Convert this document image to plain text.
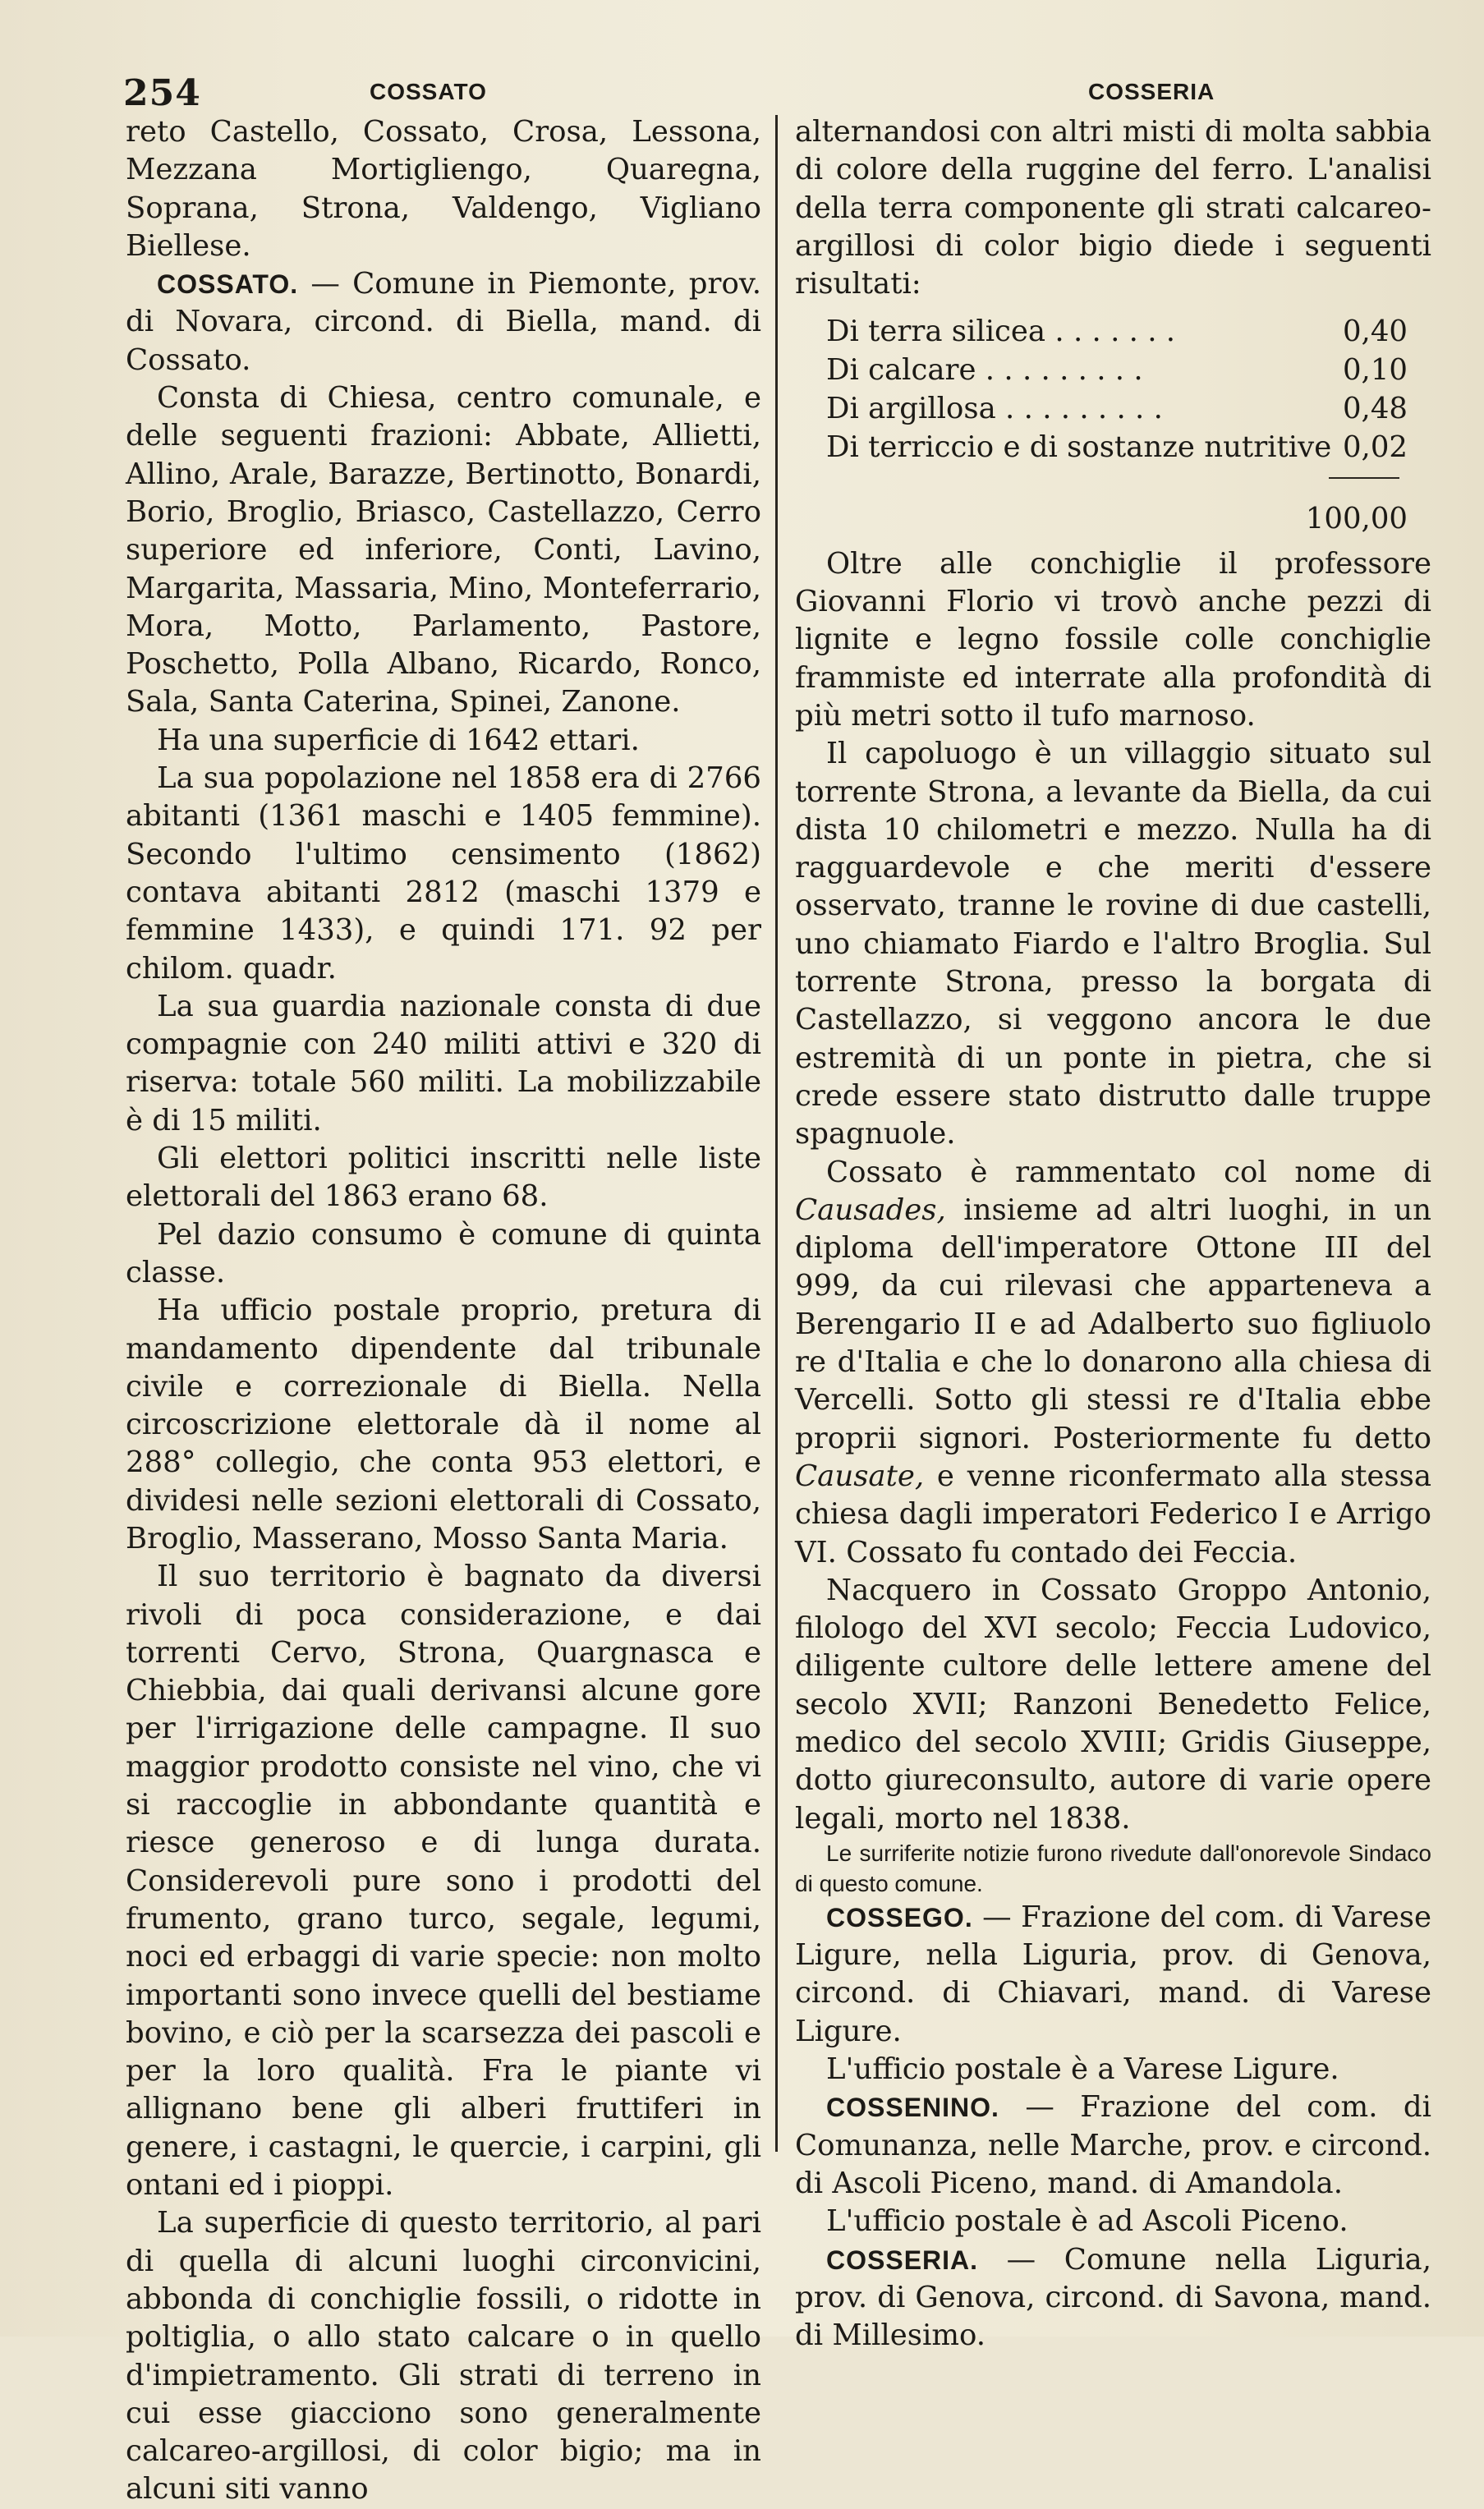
254	COSSATO	COSSERIA

reto Castello, Cossato, Crosa, Lessona, Mezzana Mortigliengo, Quaregna, Soprana, Strona, Valdengo, Vigliano Biellese.

COSSATO. — Comune in Piemonte, prov. di Novara, circond. di Biella, mand. di Cossato.

Consta di Chiesa, centro comunale, e delle seguenti frazioni: Abbate, Allietti, Allino, Arale, Barazze, Bertinotto, Bonardi, Borio, Broglio, Briasco, Castellazzo, Cerro superiore ed inferiore, Conti, Lavino, Margarita, Massaria, Mino, Monteferrario, Mora, Motto, Parlamento, Pastore, Poschetto, Polla Albano, Ricardo, Ronco, Sala, Santa Caterina, Spinei, Zanone.

Ha una superficie di 1642 ettari.

La sua popolazione nel 1858 era di 2766 abitanti (1361 maschi e 1405 femmine). Secondo l'ultimo censimento (1862) contava abitanti 2812 (maschi 1379 e femmine 1433), e quindi 171. 92 per chilom. quadr.

La sua guardia nazionale consta di due compagnie con 240 militi attivi e 320 di riserva: totale 560 militi. La mobilizzabile è di 15 militi.

Gli elettori politici inscritti nelle liste elettorali del 1863 erano 68.

Pel dazio consumo è comune di quinta classe.

Ha ufficio postale proprio, pretura di mandamento dipendente dal tribunale civile e correzionale di Biella. Nella circoscrizione elettorale dà il nome al 288° collegio, che conta 953 elettori, e dividesi nelle sezioni elettorali di Cossato, Broglio, Masserano, Mosso Santa Maria.

Il suo territorio è bagnato da diversi rivoli di poca considerazione, e dai torrenti Cervo, Strona, Quargnasca e Chiebbia, dai quali derivansi alcune gore per l'irrigazione delle campagne. Il suo maggior prodotto consiste nel vino, che vi si raccoglie in abbondante quantità e riesce generoso e di lunga durata. Considerevoli pure sono i prodotti del frumento, grano turco, segale, legumi, noci ed erbaggi di varie specie: non molto importanti sono invece quelli del bestiame bovino, e ciò per la scarsezza dei pascoli e per la loro qualità. Fra le piante vi allignano bene gli alberi fruttiferi in genere, i castagni, le quercie, i carpini, gli ontani ed i pioppi.

La superficie di questo territorio, al pari di quella di alcuni luoghi circonvicini, abbonda di conchiglie fossili, o ridotte in poltiglia, o allo stato calcare o in quello d'impietramento. Gli strati di terreno in cui esse giacciono sono generalmente calcareo-argillosi, di color bigio; ma in alcuni siti vanno

alternandosi con altri misti di molta sabbia di colore della ruggine del ferro. L'analisi della terra componente gli strati calcareo-argillosi di color bigio diede i seguenti risultati:

Di terra silicea . . . . . . .	0,40
Di calcare . . . . . . . . .	0,10
Di argillosa . . . . . . . . .	0,48
Di terriccio e di sostanze nutritive 0,02
100,00

Oltre alle conchiglie il professore Giovanni Florio vi trovò anche pezzi di lignite e legno fossile colle conchiglie frammiste ed interrate alla profondità di più metri sotto il tufo marnoso.

Il capoluogo è un villaggio situato sul torrente Strona, a levante da Biella, da cui dista 10 chilometri e mezzo. Nulla ha di ragguardevole e che meriti d'essere osservato, tranne le rovine di due castelli, uno chiamato Fiardo e l'altro Broglia. Sul torrente Strona, presso la borgata di Castellazzo, si veggono ancora le due estremità di un ponte in pietra, che si crede essere stato distrutto dalle truppe spagnuole.

Cossato è rammentato col nome di Causades, insieme ad altri luoghi, in un diploma dell'imperatore Ottone III del 999, da cui rilevasi che apparteneva a Berengario II e ad Adalberto suo figliuolo re d'Italia e che lo donarono alla chiesa di Vercelli. Sotto gli stessi re d'Italia ebbe proprii signori. Posteriormente fu detto Causate, e venne riconfermato alla stessa chiesa dagli imperatori Federico I e Arrigo VI. Cossato fu contado dei Feccia.

Nacquero in Cossato Groppo Antonio, filologo del XVI secolo; Feccia Ludovico, diligente cultore delle lettere amene del secolo XVII; Ranzoni Benedetto Felice, medico del secolo XVIII; Gridis Giuseppe, dotto giureconsulto, autore di varie opere legali, morto nel 1838.

Le surriferite notizie furono rivedute dall'onorevole Sindaco di questo comune.

COSSEGO. — Frazione del com. di Varese Ligure, nella Liguria, prov. di Genova, circond. di Chiavari, mand. di Varese Ligure.

L'ufficio postale è a Varese Ligure.

COSSENINO. — Frazione del com. di Comunanza, nelle Marche, prov. e circond. di Ascoli Piceno, mand. di Amandola.

L'ufficio postale è ad Ascoli Piceno.

COSSERIA. — Comune nella Liguria, prov. di Genova, circond. di Savona, mand. di Millesimo.
